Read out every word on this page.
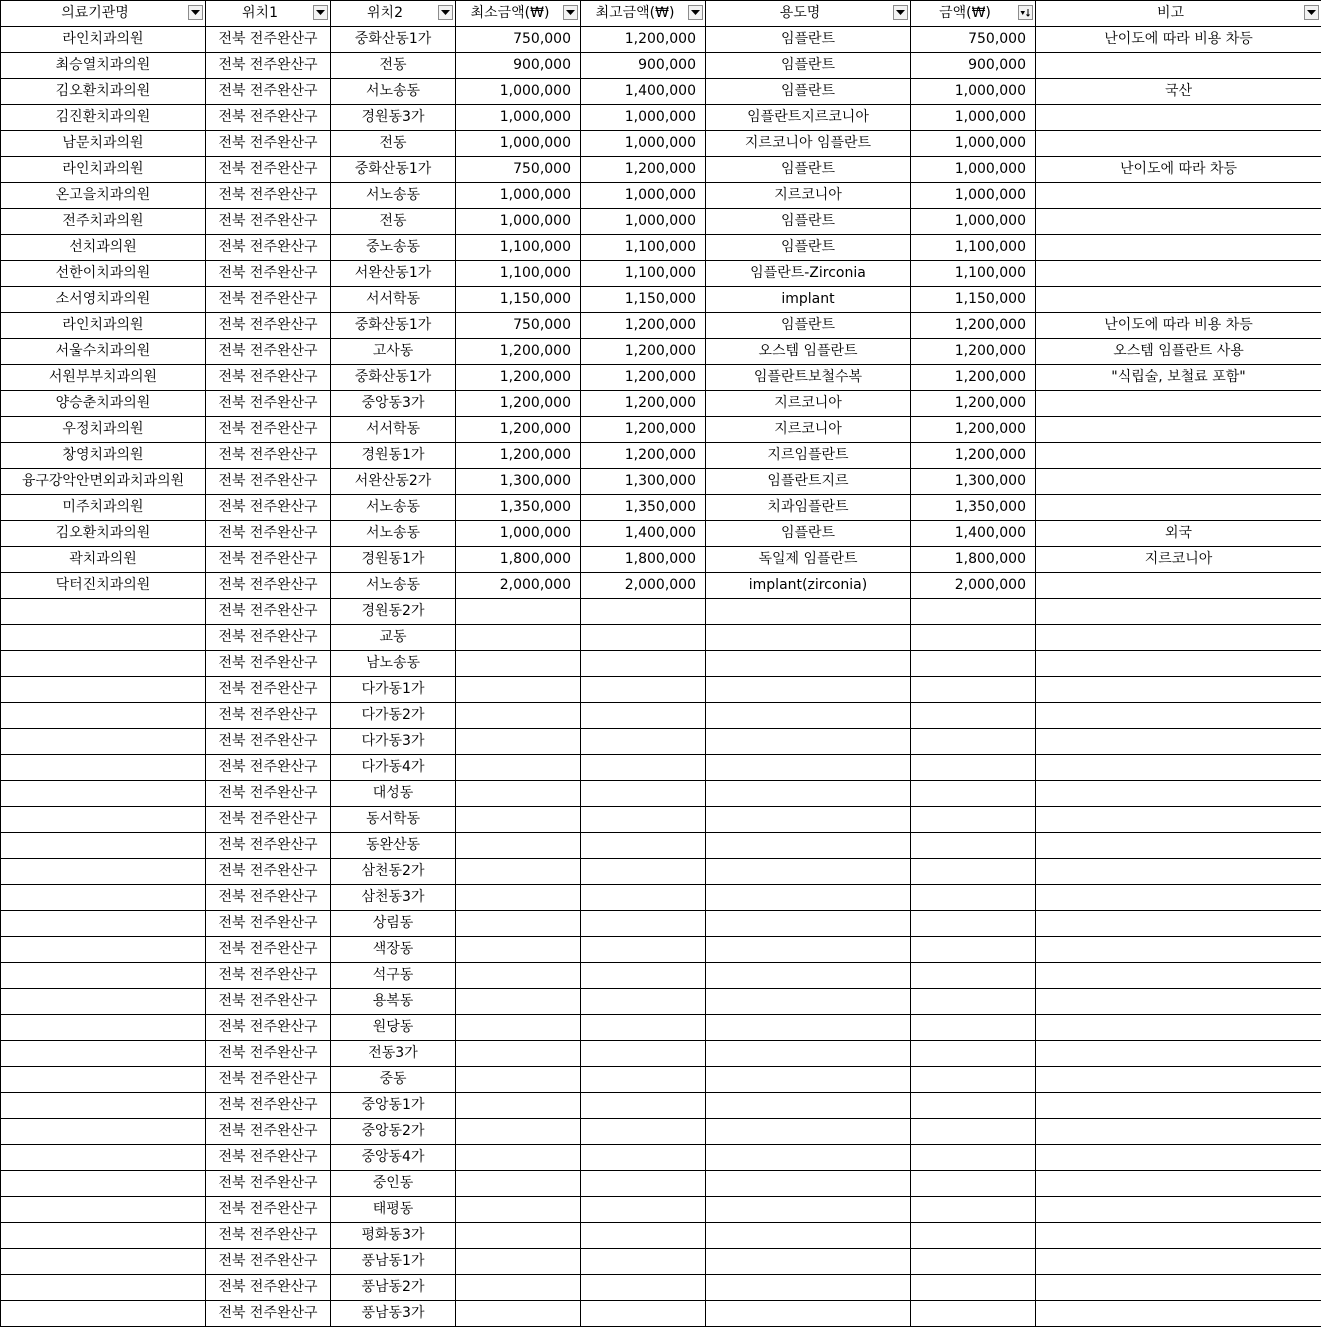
의료기관명	위치1	위치2	최소금액(₩)	최고금액(₩)	용도명	금액(₩)	비고

라인치과의원	전북 전주완산구	중화산동1가	750,000	1,200,000	임플란트	750,000	난이도에 따라 비용 차등
최승열치과의원	전북 전주완산구	전동	900,000	900,000	임플란트	900,000	
김오환치과의원	전북 전주완산구	서노송동	1,000,000	1,400,000	임플란트	1,000,000	국산
김진환치과의원	전북 전주완산구	경원동3가	1,000,000	1,000,000	임플란트지르코니아	1,000,000	
남문치과의원	전북 전주완산구	전동	1,000,000	1,000,000	지르코니아 임플란트	1,000,000	
라인치과의원	전북 전주완산구	중화산동1가	750,000	1,200,000	임플란트	1,000,000	난이도에 따라 차등
온고을치과의원	전북 전주완산구	서노송동	1,000,000	1,000,000	지르코니아	1,000,000	
전주치과의원	전북 전주완산구	전동	1,000,000	1,000,000	임플란트	1,000,000	
선치과의원	전북 전주완산구	중노송동	1,100,000	1,100,000	임플란트	1,100,000	
선한이치과의원	전북 전주완산구	서완산동1가	1,100,000	1,100,000	임플란트-Zirconia	1,100,000	
소서영치과의원	전북 전주완산구	서서학동	1,150,000	1,150,000	implant	1,150,000	
라인치과의원	전북 전주완산구	중화산동1가	750,000	1,200,000	임플란트	1,200,000	난이도에 따라 비용 차등
서울수치과의원	전북 전주완산구	고사동	1,200,000	1,200,000	오스템 임플란트	1,200,000	오스템 임플란트 사용
서원부부치과의원	전북 전주완산구	중화산동1가	1,200,000	1,200,000	임플란트보철수복	1,200,000	"식립술, 보철료 포함"
양승춘치과의원	전북 전주완산구	중앙동3가	1,200,000	1,200,000	지르코니아	1,200,000	
우정치과의원	전북 전주완산구	서서학동	1,200,000	1,200,000	지르코니아	1,200,000	
창영치과의원	전북 전주완산구	경원동1가	1,200,000	1,200,000	지르임플란트	1,200,000	
융구강악안면외과치과의원	전북 전주완산구	서완산동2가	1,300,000	1,300,000	임플란트지르	1,300,000	
미주치과의원	전북 전주완산구	서노송동	1,350,000	1,350,000	치과임플란트	1,350,000	
김오환치과의원	전북 전주완산구	서노송동	1,000,000	1,400,000	임플란트	1,400,000	외국
곽치과의원	전북 전주완산구	경원동1가	1,800,000	1,800,000	독일제 임플란트	1,800,000	지르코니아
닥터진치과의원	전북 전주완산구	서노송동	2,000,000	2,000,000	implant(zirconia)	2,000,000	
	전북 전주완산구	경원동2가					
	전북 전주완산구	교동					
	전북 전주완산구	남노송동					
	전북 전주완산구	다가동1가					
	전북 전주완산구	다가동2가					
	전북 전주완산구	다가동3가					
	전북 전주완산구	다가동4가					
	전북 전주완산구	대성동					
	전북 전주완산구	동서학동					
	전북 전주완산구	동완산동					
	전북 전주완산구	삼천동2가					
	전북 전주완산구	삼천동3가					
	전북 전주완산구	상림동					
	전북 전주완산구	색장동					
	전북 전주완산구	석구동					
	전북 전주완산구	용복동					
	전북 전주완산구	원당동					
	전북 전주완산구	전동3가					
	전북 전주완산구	중동					
	전북 전주완산구	중앙동1가					
	전북 전주완산구	중앙동2가					
	전북 전주완산구	중앙동4가					
	전북 전주완산구	중인동					
	전북 전주완산구	태평동					
	전북 전주완산구	평화동3가					
	전북 전주완산구	풍남동1가					
	전북 전주완산구	풍남동2가					
	전북 전주완산구	풍남동3가					
